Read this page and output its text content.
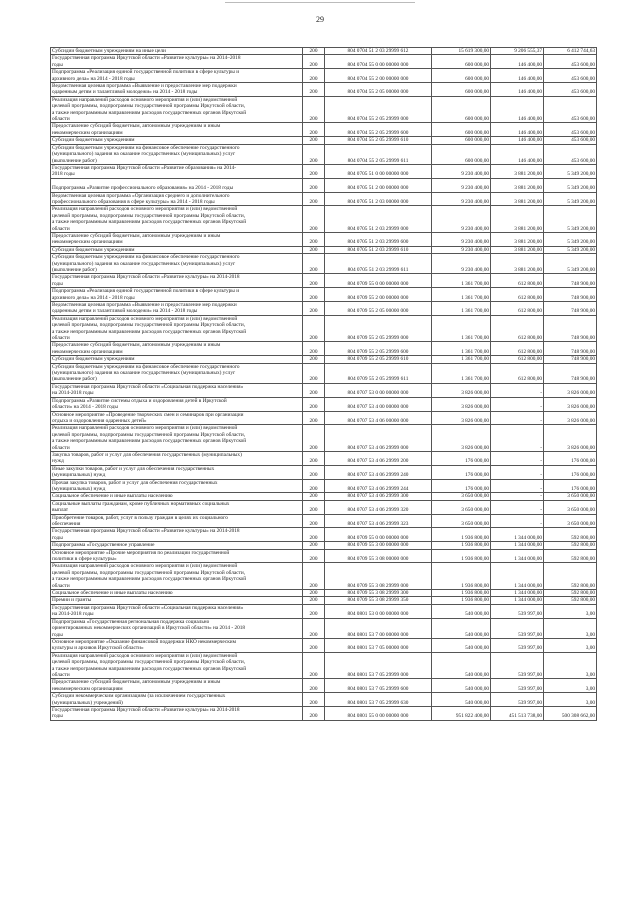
29
Субсидии бюджетным учреждениям на иные цели	200	804 0704 51 2 03 29999 612	15 619 300,00	9 206 555,37	6 412 744,63
Государственная программа Иркутской области «Развитие культуры» на 2014–2018
годы	200	804 0704 55 0 00 00000 000	600 000,00	146 400,00	453 600,00
Подпрограмма «Реализация единой государственной политики в сфере культуры и
архивного дела» на 2014 - 2018 годы	200	804 0704 55 2 00 00000 000	600 000,00	146 400,00	453 600,00
Ведомственная целевая программа «Выявление и предоставление мер поддержки
одаренным детям и талантливой молодежи» на 2014 - 2018 годы	200	804 0704 55 2 05 00000 000	600 000,00	146 400,00	453 600,00
Реализация направлений расходов основного мероприятия и (или) ведомственной
целевой программы, подпрограммы государственной программы Иркутской области,
а также непрограммным направлениям расходов государственных органов Иркутской
области	200	804 0704 55 2 05 29999 000	600 000,00	146 400,00	453 600,00
Предоставление субсидий бюджетным, автономным учреждениям и иным
некоммерческим организациям	200	804 0704 55 2 05 29999 600	600 000,00	146 400,00	453 600,00
Субсидии бюджетным учреждениям	200	804 0704 55 2 05 29999 610	600 000,00	146 400,00	453 600,00
Субсидии бюджетным учреждениям на финансовое обеспечение государственного
(муниципального) задания на оказание государственных (муниципальных) услуг
(выполнение работ)	200	804 0704 55 2 05 29999 611	600 000,00	146 400,00	453 600,00
Государственная программа Иркутской области «Развитие образования» на 2014-
2018 годы	200	804 0705 51 0 00 00000 000	9 230 400,00	3 881 200,00	5 349 200,00
Подпрограмма «Развитие профессионального образования» на 2014 - 2018 годы	200	804 0705 51 2 00 00000 000	9 230 400,00	3 881 200,00	5 349 200,00
Ведомственная целевая программа «Организация среднего и дополнительного
профессионального образования в сфере культуры» на 2014 - 2018 годы	200	804 0705 51 2 03 00000 000	9 230 400,00	3 881 200,00	5 349 200,00
Реализация направлений расходов основного мероприятия и (или) ведомственной
целевой программы, подпрограммы государственной программы Иркутской области,
а также непрограммным направлениям расходов государственных органов Иркутской
области	200	804 0705 51 2 03 29999 000	9 230 400,00	3 881 200,00	5 349 200,00
Предоставление субсидий бюджетным, автономным учреждениям и иным
некоммерческим организациям	200	804 0705 51 2 03 29999 600	9 230 400,00	3 881 200,00	5 349 200,00
Субсидии бюджетным учреждениям	200	804 0705 51 2 03 29999 610	9 230 400,00	3 881 200,00	5 349 200,00
Субсидии бюджетным учреждениям на финансовое обеспечение государственного
(муниципального) задания на оказание государственных (муниципальных) услуг
(выполнение работ)	200	804 0705 51 2 03 29999 611	9 230 400,00	3 881 200,00	5 349 200,00
Государственная программа Иркутской области «Развитие культуры» на 2014-2018
годы	200	804 0709 55 0 00 00000 000	1 361 700,00	612 800,00	748 900,00
Подпрограмма «Реализация единой государственной политики в сфере культуры и
архивного дела» на 2014 - 2018 годы	200	804 0709 55 2 00 00000 000	1 361 700,00	612 800,00	748 900,00
Ведомственная целевая программа «Выявление и предоставление мер поддержки
одаренным детям и талантливой молодежи» на 2014 - 2018 годы	200	804 0709 55 2 05 00000 000	1 361 700,00	612 800,00	748 900,00
Реализация направлений расходов основного мероприятия и (или) ведомственной
целевой программы, подпрограммы государственной программы Иркутской области,
а также непрограммным направлениям расходов государственных органов Иркутской
области	200	804 0709 55 2 05 29999 000	1 361 700,00	612 800,00	748 900,00
Предоставление субсидий бюджетным, автономным учреждениям и иным
некоммерческим организациям	200	804 0709 55 2 05 29999 600	1 361 700,00	612 800,00	748 900,00
Субсидии бюджетным учреждениям	200	804 0709 55 2 05 29999 610	1 361 700,00	612 800,00	748 900,00
Субсидии бюджетным учреждениям на финансовое обеспечение государственного
(муниципального) задания на оказание государственных (муниципальных) услуг
(выполнение работ)	200	804 0709 55 2 05 29999 611	1 361 700,00	612 800,00	748 900,00
Государственная программа Иркутской области «Социальная поддержка населения»
на 2014-2018 годы	200	804 0707 53 0 00 00000 000	3 826 000,00	-	3 826 000,00
Подпрограмма «Развитие системы отдыха и оздоровления детей в Иркутской
области» на 2014 - 2018 годы	200	804 0707 53 4 00 00000 000	3 826 000,00	-	3 826 000,00
Основное мероприятие «Проведение творческих смен и семинаров при организации
отдыха и оздоровления одаренных детей»	200	804 0707 53 4 06 00000 000	3 826 000,00	-	3 826 000,00
Реализация направлений расходов основного мероприятия и (или) ведомственной
целевой программы, подпрограммы государственной программы Иркутской области,
а также непрограммным направлениям расходов государственных органов Иркутской
области	200	804 0707 53 4 06 29999 000	3 826 000,00	-	3 826 000,00
Закупка товаров, работ и услуг для обеспечения государственных (муниципальных)
нужд	200	804 0707 53 4 06 29999 200	176 000,00	-	176 000,00
Иные закупки товаров, работ и услуг для обеспечения государственных
(муниципальных) нужд	200	804 0707 53 4 06 29999 240	176 000,00	-	176 000,00
Прочая закупка товаров, работ и услуг для обеспечения государственных
(муниципальных) нужд	200	804 0707 53 4 06 29999 244	176 000,00	-	176 000,00
Социальное обеспечение и иные выплаты населению	200	804 0707 53 4 06 29999 300	3 650 000,00	-	3 650 000,00
Социальные выплаты гражданам, кроме публичных нормативных социальных
выплат	200	804 0707 53 4 06 29999 320	3 650 000,00	-	3 650 000,00
Приобретение товаров, работ, услуг в пользу граждан в целях их социального
обеспечения	200	804 0707 53 4 06 29999 323	3 650 000,00	-	3 650 000,00
Государственная программа Иркутской области «Развитие культуры» на 2014-2018
годы	200	804 0709 55 0 00 00000 000	1 936 800,00	1 344 000,00	592 800,00
Подпрограмма «Государственное управление	200	804 0709 55 3 00 00000 000	1 936 800,00	1 344 000,00	592 800,00
Основное мероприятие «Прочие мероприятия по реализации государственной
политики в сфере культуры»	200	804 0709 55 3 08 00000 000	1 936 800,00	1 344 000,00	592 800,00
Реализация направлений расходов основного мероприятия и (или) ведомственной
целевой программы, подпрограммы государственной программы Иркутской области,
а также непрограммным направлениям расходов государственных органов Иркутской
области	200	804 0709 55 3 08 29999 000	1 936 800,00	1 344 000,00	592 800,00
Социальное обеспечение и иные выплаты населению	200	804 0709 55 3 08 29999 300	1 936 800,00	1 344 000,00	592 800,00
Премии и гранты	200	804 0709 55 3 08 29999 350	1 936 800,00	1 344 000,00	592 800,00
Государственная программа Иркутской области «Социальная поддержка населения»
на 2014-2018 годы	200	804 0801 53 0 00 00000 000	540 000,00	539 997,00	3,00
Подпрограмма «Государственная региональная поддержка социально
ориентированных некоммерческих организаций в Иркутской области» на 2014 - 2018
годы	200	804 0801 53 7 00 00000 000	540 000,00	539 997,00	3,00
Основное мероприятие «Оказание финансовой поддержки НКО некоммерческим
культуры и архивов Иркутской области»	200	804 0801 53 7 05 00000 000	540 000,00	539 997,00	3,00
Реализация направлений расходов основного мероприятия и (или) ведомственной
целевой программы, подпрограммы государственной программы Иркутской области,
а также непрограммным направлениям расходов государственных органов Иркутской
области	200	804 0801 53 7 05 29999 000	540 000,00	539 997,00	3,00
Предоставление субсидий бюджетным, автономным учреждениям и иным
некоммерческим организациям	200	804 0801 53 7 05 29999 600	540 000,00	539 997,00	3,00
Субсидии некоммерческим организациям (за исключением государственных
(муниципальных) учреждений)	200	804 0801 53 7 05 29999 630	540 000,00	539 997,00	3,00
Государственная программа Иркутской области «Развитие культуры» на 2014-2018
годы	200	804 0801 55 0 00 00000 000	951 822 400,00	451 513 738,00	500 308 662,00
